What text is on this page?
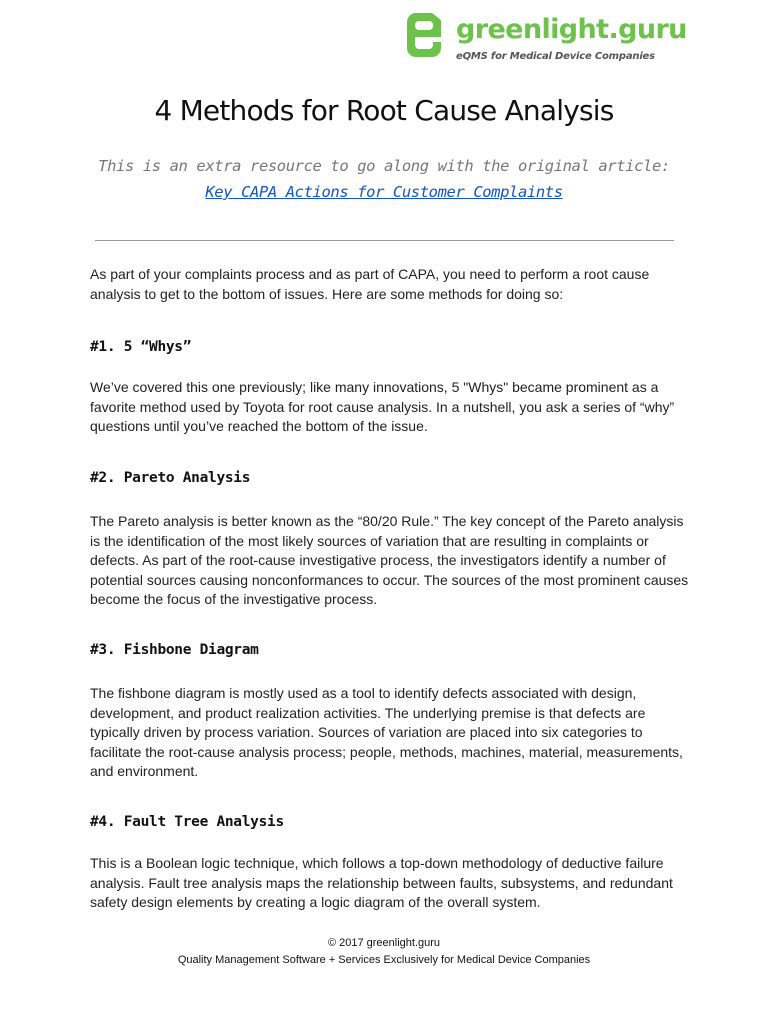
greenlight.guru
eQMS for Medical Device Companies
4 Methods for Root Cause Analysis
This is an extra resource to go along with the original article:
Key CAPA Actions for Customer Complaints

As part of your complaints process and as part of CAPA, you need to perform a root cause analysis to get to the bottom of issues. Here are some methods for doing so:

#1. 5 “Whys”

We’ve covered this one previously; like many innovations, 5 "Whys" became prominent as a favorite method used by Toyota for root cause analysis. In a nutshell, you ask a series of “why” questions until you’ve reached the bottom of the issue.

#2. Pareto Analysis

The Pareto analysis is better known as the “80/20 Rule.” The key concept of the Pareto analysis is the identification of the most likely sources of variation that are resulting in complaints or defects. As part of the root-cause investigative process, the investigators identify a number of potential sources causing nonconformances to occur. The sources of the most prominent causes become the focus of the investigative process.

#3. Fishbone Diagram

The fishbone diagram is mostly used as a tool to identify defects associated with design, development, and product realization activities. The underlying premise is that defects are typically driven by process variation. Sources of variation are placed into six categories to facilitate the root-cause analysis process; people, methods, machines, material, measurements, and environment.

#4. Fault Tree Analysis

This is a Boolean logic technique, which follows a top-down methodology of deductive failure analysis. Fault tree analysis maps the relationship between faults, subsystems, and redundant safety design elements by creating a logic diagram of the overall system.

© 2017 greenlight.guru
Quality Management Software + Services Exclusively for Medical Device Companies
